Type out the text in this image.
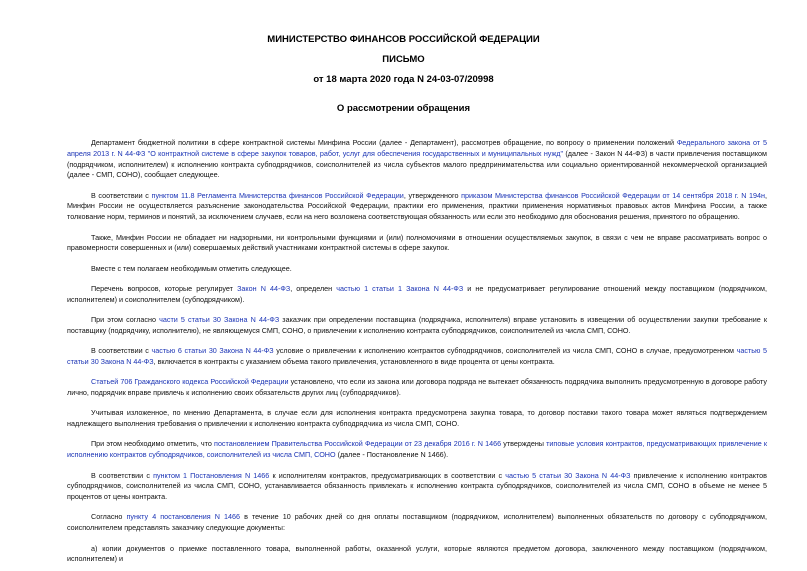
МИНИСТЕРСТВО ФИНАНСОВ РОССИЙСКОЙ ФЕДЕРАЦИИ
ПИСЬМО
от 18 марта 2020 года N 24-03-07/20998
О рассмотрении обращения

Департамент бюджетной политики в сфере контрактной системы Минфина России (далее - Департамент), рассмотрев обращение, по вопросу о применении положений Федерального закона от 5 апреля 2013 г. N 44-ФЗ "О контрактной системе в сфере закупок товаров, работ, услуг для обеспечения государственных и муниципальных нужд" (далее - Закон N 44-ФЗ) в части привлечения поставщиком (подрядчиком, исполнителем) к исполнению контракта субподрядчиков, соисполнителей из числа субъектов малого предпринимательства или социально ориентированной некоммерческой организацией (далее - СМП, СОНО), сообщает следующее.

В соответствии с пунктом 11.8 Регламента Министерства финансов Российской Федерации, утвержденного приказом Министерства финансов Российской Федерации от 14 сентября 2018 г. N 194н, Минфин России не осуществляется разъяснение законодательства Российской Федерации, практики его применения, практики применения нормативных правовых актов Минфина России, а также толкование норм, терминов и понятий, за исключением случаев, если на него возложена соответствующая обязанность или если это необходимо для обоснования решения, принятого по обращению.

Также, Минфин России не обладает ни надзорными, ни контрольными функциями и (или) полномочиями в отношении осуществляемых закупок, в связи с чем не вправе рассматривать вопрос о правомерности совершенных и (или) совершаемых действий участниками контрактной системы в сфере закупок.

Вместе с тем полагаем необходимым отметить следующее.

Перечень вопросов, которые регулирует Закон N 44-ФЗ, определен частью 1 статьи 1 Закона N 44-ФЗ и не предусматривает регулирование отношений между поставщиком (подрядчиком, исполнителем) и соисполнителем (субподрядчиком).

При этом согласно части 5 статьи 30 Закона N 44-ФЗ заказчик при определении поставщика (подрядчика, исполнителя) вправе установить в извещении об осуществлении закупки требование к поставщику (подрядчику, исполнителю), не являющемуся СМП, СОНО, о привлечении к исполнению контракта субподрядчиков, соисполнителей из числа СМП, СОНО.

В соответствии с частью 6 статьи 30 Закона N 44-ФЗ условие о привлечении к исполнению контрактов субподрядчиков, соисполнителей из числа СМП, СОНО в случае, предусмотренном частью 5 статьи 30 Закона N 44-ФЗ, включается в контракты с указанием объема такого привлечения, установленного в виде процента от цены контракта.

Статьей 706 Гражданского кодекса Российской Федерации установлено, что если из закона или договора подряда не вытекает обязанность подрядчика выполнить предусмотренную в договоре работу лично, подрядчик вправе привлечь к исполнению своих обязательств других лиц (субподрядчиков).

Учитывая изложенное, по мнению Департамента, в случае если для исполнения контракта предусмотрена закупка товара, то договор поставки такого товара может являться подтверждением надлежащего выполнения требования о привлечении к исполнению контракта субподрядчика из числа СМП, СОНО.

При этом необходимо отметить, что постановлением Правительства Российской Федерации от 23 декабря 2016 г. N 1466 утверждены типовые условия контрактов, предусматривающих привлечение к исполнению контрактов субподрядчиков, соисполнителей из числа СМП, СОНО (далее - Постановление N 1466).

В соответствии с пунктом 1 Постановления N 1466 к исполнителям контрактов, предусматривающих в соответствии с частью 5 статьи 30 Закона N 44-ФЗ привлечение к исполнению контрактов субподрядчиков, соисполнителей из числа СМП, СОНО, устанавливается обязанность привлекать к исполнению контракта субподрядчиков, соисполнителей из числа СМП, СОНО в объеме не менее 5 процентов от цены контракта.

Согласно пункту 4 постановления N 1466 в течение 10 рабочих дней со дня оплаты поставщиком (подрядчиком, исполнителем) выполненных обязательств по договору с субподрядчиком, соисполнителем представлять заказчику следующие документы:

а) копии документов о приемке поставленного товара, выполненной работы, оказанной услуги, которые являются предметом договора, заключенного между поставщиком (подрядчиком, исполнителем) и
